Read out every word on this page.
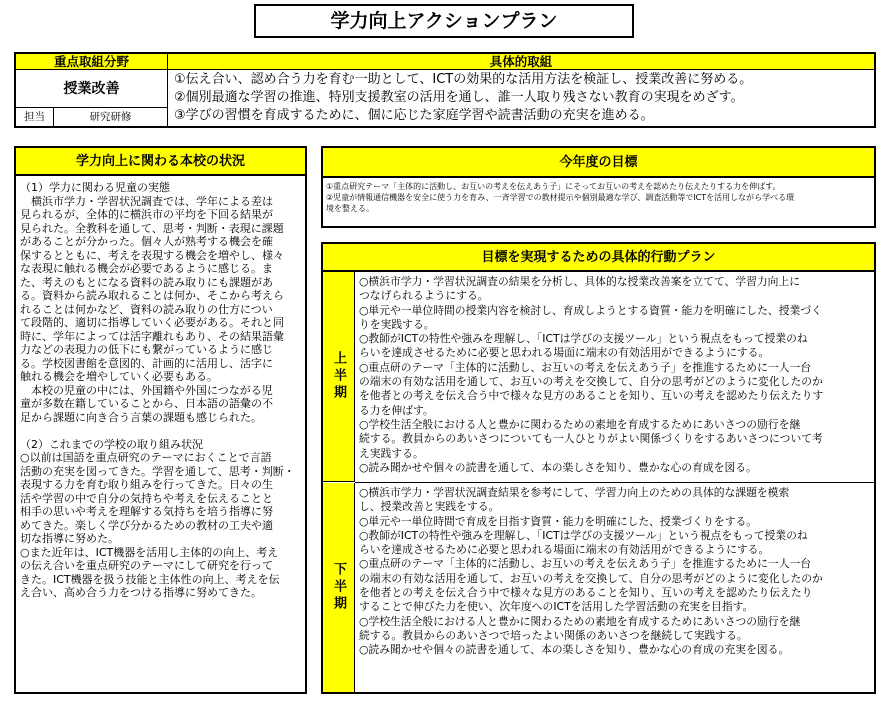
学力向上アクションプラン
重点取組分野	具体的取組
授業改善
担当	研究研修
①伝え合い、認め合う力を育む一助として、ICTの効果的な活用方法を検証し、授業改善に努める。
②個別最適な学習の推進、特別支援教室の活用を通し、誰一人取り残さない教育の実現をめざす。
③学びの習慣を育成するために、個に応じた家庭学習や読書活動の充実を進める。
学力向上に関わる本校の状況
（1）学力に関わる児童の実態
　横浜市学力・学習状況調査では、学年による差は
見られるが、全体的に横浜市の平均を下回る結果が
見られた。全教科を通して、思考・判断・表現に課題
があることが分かった。個々人が熟考する機会を確
保するとともに、考えを表現する機会を増やし、様々
な表現に触れる機会が必要であるように感じる。ま
た、考えのもとになる資料の読み取りにも課題があ
る。資料から読み取れることは何か、そこから考えら
れることは何かなど、資料の読み取りの仕方につい
て段階的、適切に指導していく必要がある。それと同
時に、学年によっては活字離れもあり、その結果語彙
力などの表現力の低下にも繋がっているように感じ
る。学校図書館を意図的、計画的に活用し、活字に
触れる機会を増やしていく必要もある。
　本校の児童の中には、外国籍や外国につながる児
童が多数在籍していることから、日本語の語彙の不
足から課題に向き合う言葉の課題も感じられた。
（2）これまでの学校の取り組み状況
○以前は国語を重点研究のテーマにおくことで言語
活動の充実を図ってきた。学習を通して、思考・判断・
表現する力を育む取り組みを行ってきた。日々の生
活や学習の中で自分の気持ちや考えを伝えることと
相手の思いや考えを理解する気持ちを培う指導に努
めてきた。楽しく学び分かるための教材の工夫や適
切な指導に努めた。
○また近年は、ICT機器を活用し主体的の向上、考え
の伝え合いを重点研究のテーマにして研究を行って
きた。ICT機器を扱う技能と主体性の向上、考えを伝
え合い、高め合う力をつける指導に努めてきた。
今年度の目標
①重点研究テーマ「主体的に活動し、お互いの考えを伝えあう子」にそってお互いの考えを認めたり伝えたりする力を伸ばす。
②児童が情報通信機器を安全に使う力を育み、一斉学習での教材提示や個別最適な学び、調査活動等でICTを活用しながら学べる環
境を整える。
目標を実現するための具体的行動プラン
上半期
○横浜市学力・学習状況調査の結果を分析し、具体的な授業改善案を立てて、学習力向上に
つなげられるようにする。
○単元や一単位時間の授業内容を検討し、育成しようとする資質・能力を明確にした、授業づく
りを実践する。
○教師がICTの特性や強みを理解し、「ICTは学びの支援ツール」という視点をもって授業のね
らいを達成させるために必要と思われる場面に端末の有効活用ができるようにする。
○重点研のテーマ「主体的に活動し、お互いの考えを伝えあう子」を推進するために一人一台
の端末の有効な活用を通して、お互いの考えを交換して、自分の思考がどのように変化したのか
を他者との考えを伝え合う中で様々な見方のあることを知り、互いの考えを認めたり伝えたりす
る力を伸ばす。
○学校生活全般における人と豊かに関わるための素地を育成するためにあいさつの励行を継
続する。教員からのあいさつについても一人ひとりがよい関係づくりをするあいさつについて考
え実践する。
○読み聞かせや個々の読書を通して、本の楽しさを知り、豊かな心の育成を図る。
下半期
○横浜市学力・学習状況調査結果を参考にして、学習力向上のための具体的な課題を模索
し、授業改善と実践をする。
○単元や一単位時間で育成を目指す資質・能力を明確にした、授業づくりをする。
○教師がICTの特性や強みを理解し、「ICTは学びの支援ツール」という視点をもって授業のね
らいを達成させるために必要と思われる場面に端末の有効活用ができるようにする。
○重点研のテーマ「主体的に活動し、お互いの考えを伝えあう子」を推進するために一人一台
の端末の有効な活用を通して、お互いの考えを交換して、自分の思考がどのように変化したのか
を他者との考えを伝え合う中で様々な見方のあることを知り、互いの考えを認めたり伝えたり
することで伸びた力を使い、次年度へのICTを活用した学習活動の充実を目指す。
○学校生活全般における人と豊かに関わるための素地を育成するためにあいさつの励行を継
続する。教員からのあいさつで培ったよい関係のあいさつを継続して実践する。
○読み聞かせや個々の読書を通して、本の楽しさを知り、豊かな心の育成の充実を図る。
